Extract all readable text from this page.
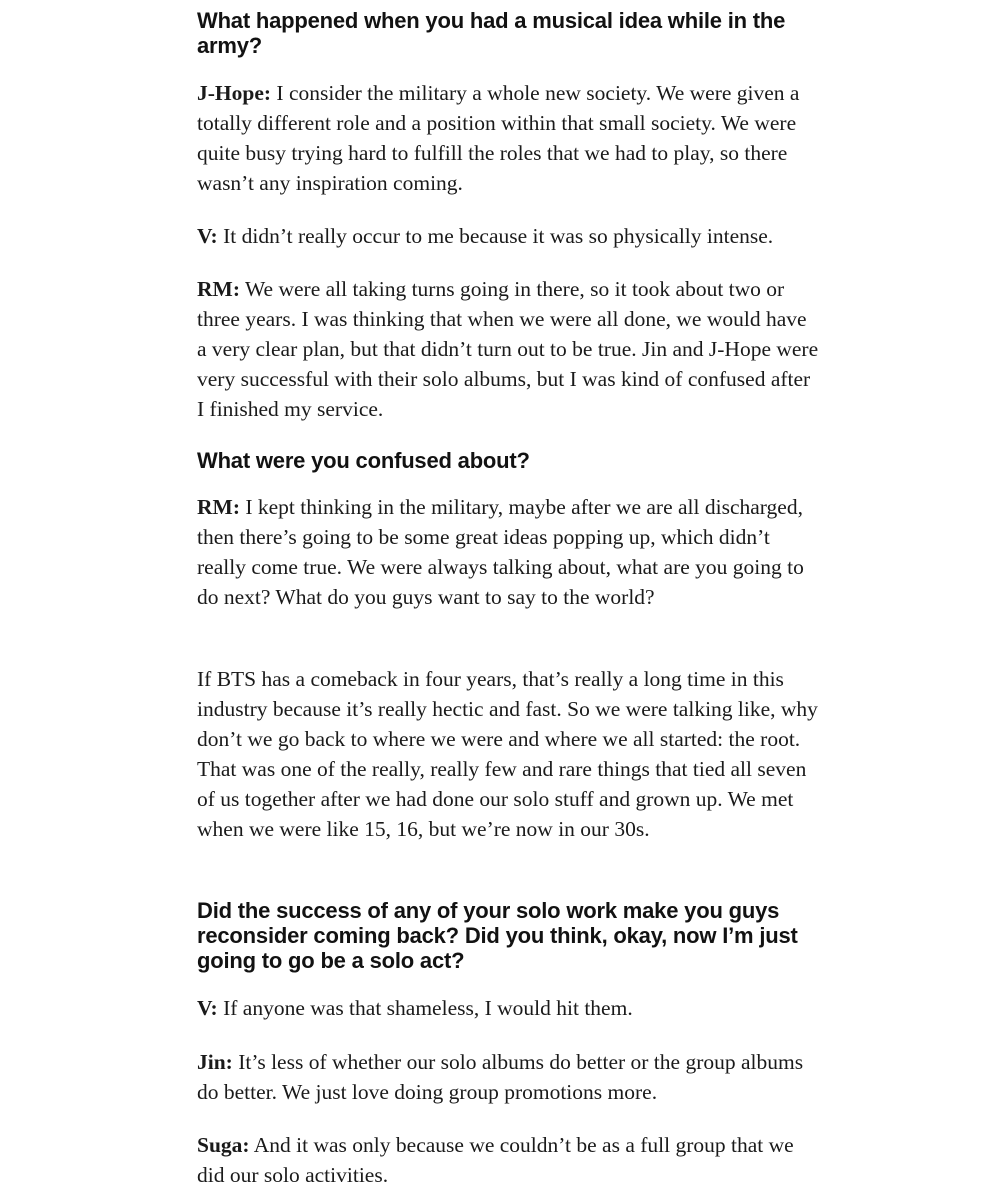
What happened when you had a musical idea while in the army?

J-Hope: I consider the military a whole new society. We were given a totally different role and a position within that small society. We were quite busy trying hard to fulfill the roles that we had to play, so there wasn’t any inspiration coming.

V: It didn’t really occur to me because it was so physically intense.

RM: We were all taking turns going in there, so it took about two or three years. I was thinking that when we were all done, we would have a very clear plan, but that didn’t turn out to be true. Jin and J-Hope were very successful with their solo albums, but I was kind of confused after I finished my service.

What were you confused about?

RM: I kept thinking in the military, maybe after we are all discharged, then there’s going to be some great ideas popping up, which didn’t really come true. We were always talking about, what are you going to do next? What do you guys want to say to the world?

If BTS has a comeback in four years, that’s really a long time in this industry because it’s really hectic and fast. So we were talking like, why don’t we go back to where we were and where we all started: the root. That was one of the really, really few and rare things that tied all seven of us together after we had done our solo stuff and grown up. We met when we were like 15, 16, but we’re now in our 30s.

Did the success of any of your solo work make you guys reconsider coming back? Did you think, okay, now I’m just going to go be a solo act?

V: If anyone was that shameless, I would hit them.

Jin: It’s less of whether our solo albums do better or the group albums do better. We just love doing group promotions more.

Suga: And it was only because we couldn’t be as a full group that we did our solo activities.
